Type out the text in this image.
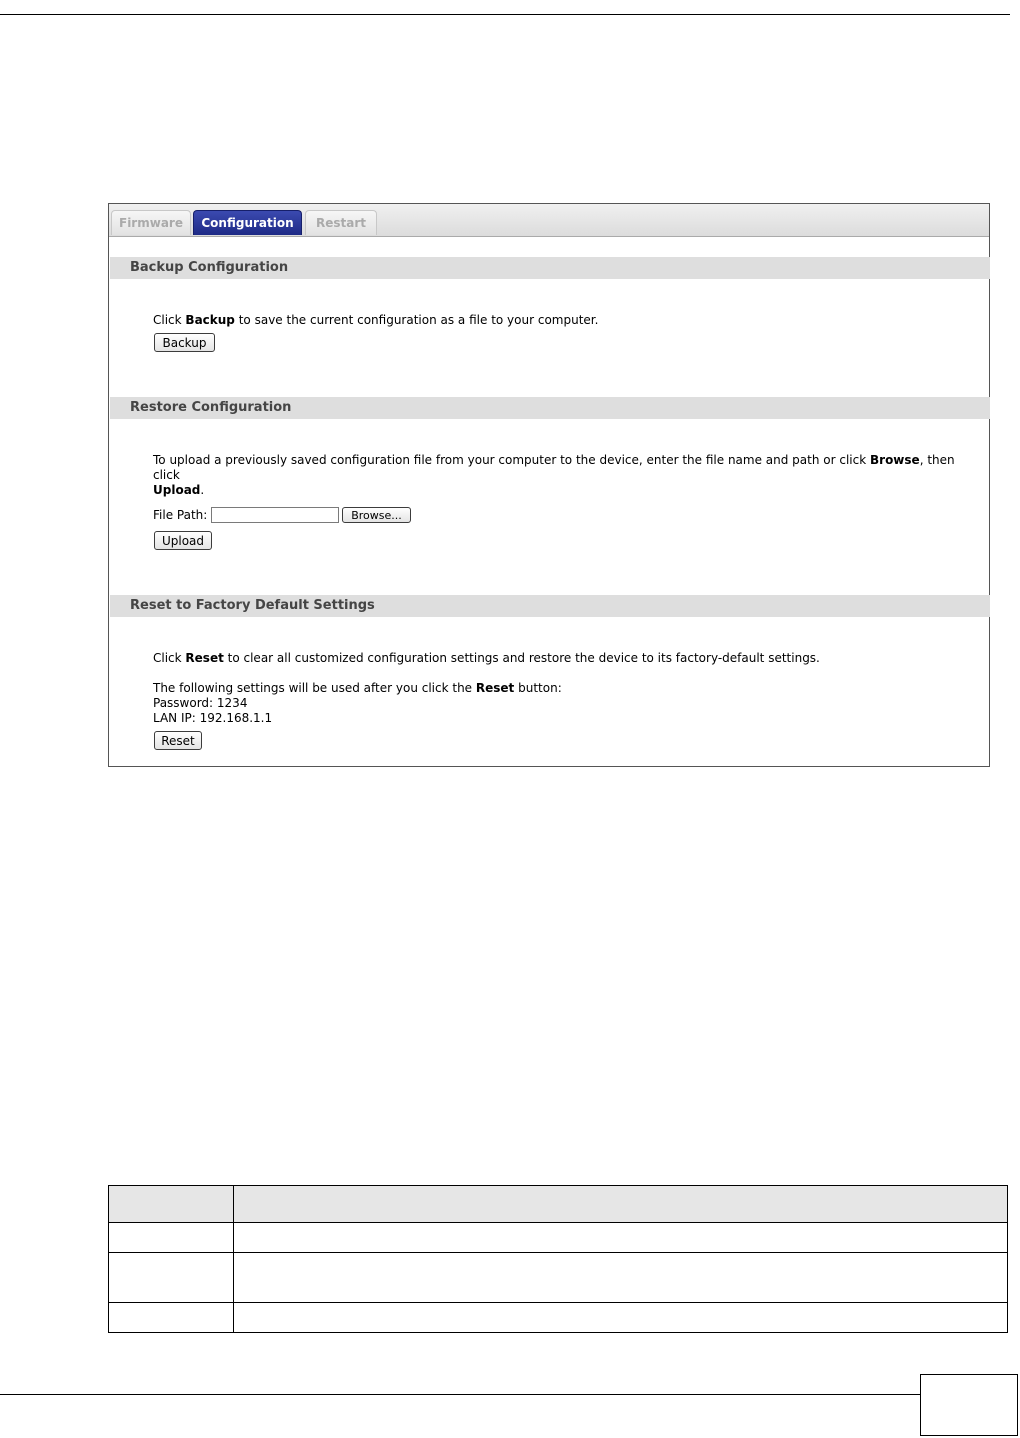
Firmware	Configuration	Restart
Backup Configuration
Click Backup to save the current configuration as a file to your computer.
Backup
Restore Configuration
To upload a previously saved configuration file from your computer to the device, enter the file name and path or click Browse, then click
Upload.
File Path:	Browse...
Upload
Reset to Factory Default Settings
Click Reset to clear all customized configuration settings and restore the device to its factory-default settings.
The following settings will be used after you click the Reset button:
Password: 1234
LAN IP: 192.168.1.1
Reset
